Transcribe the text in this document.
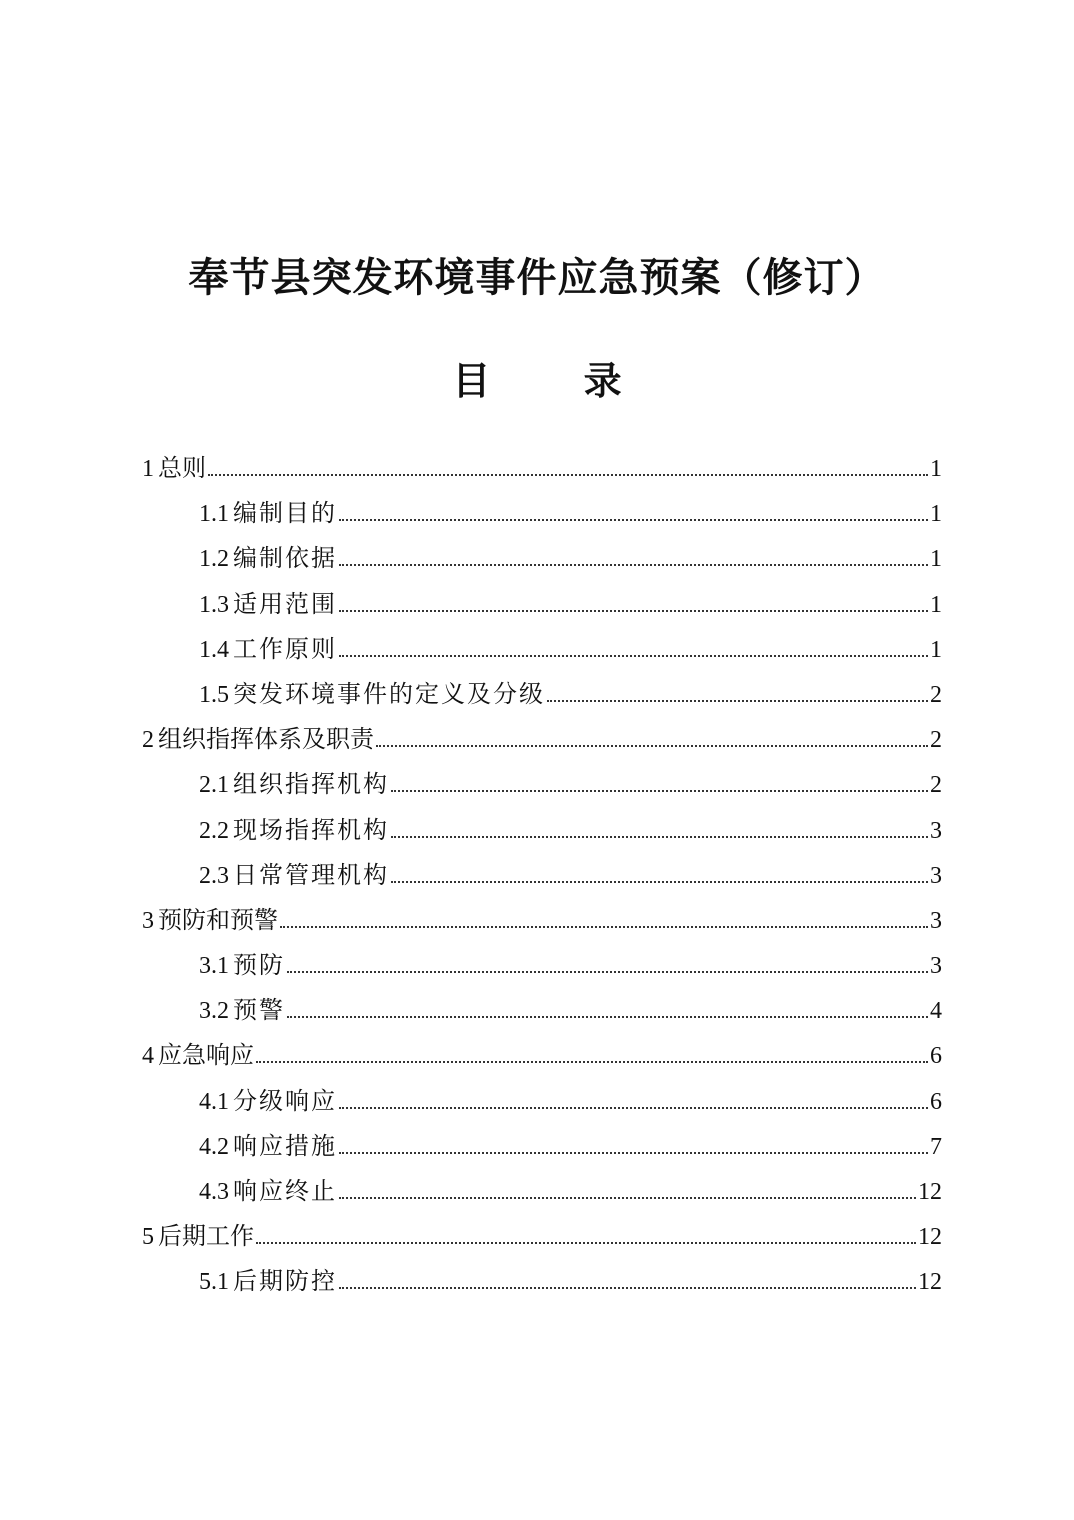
奉节县突发环境事件应急预案（修订）
目 录
1 总则	1
1.1 编制目的	1
1.2 编制依据	1
1.3 适用范围	1
1.4 工作原则	1
1.5 突发环境事件的定义及分级	2
2 组织指挥体系及职责	2
2.1 组织指挥机构	2
2.2 现场指挥机构	3
2.3 日常管理机构	3
3 预防和预警	3
3.1 预防	3
3.2 预警	4
4 应急响应	6
4.1 分级响应	6
4.2 响应措施	7
4.3 响应终止	12
5 后期工作	12
5.1 后期防控	12
